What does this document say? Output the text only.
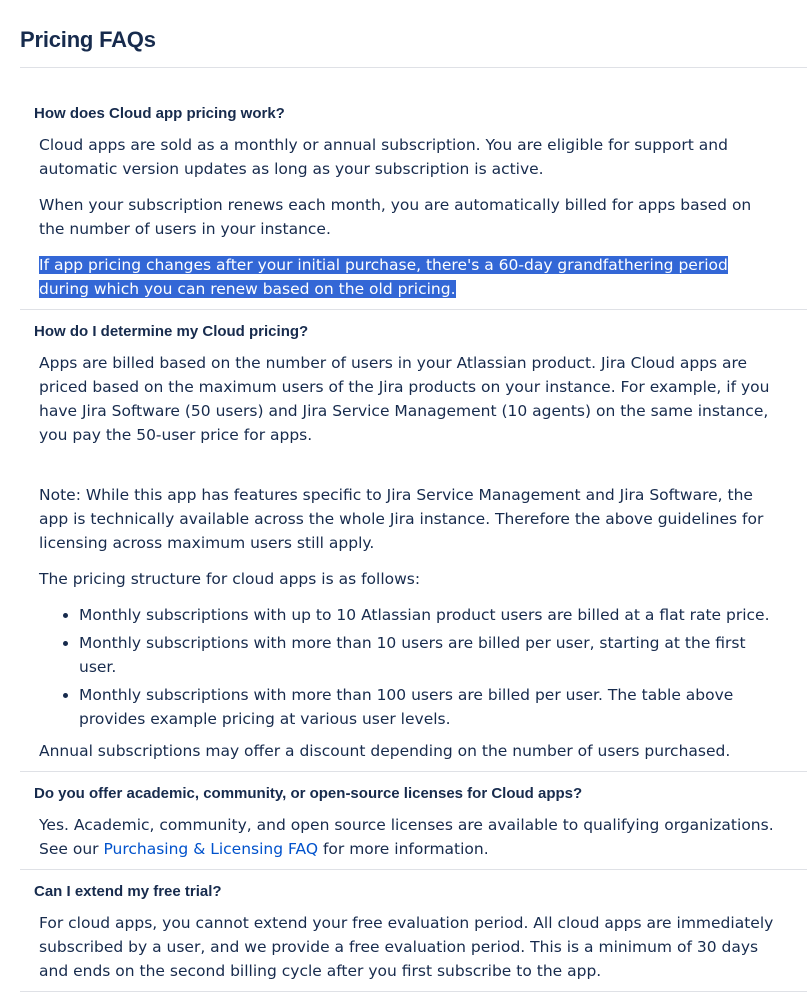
Pricing FAQs
How does Cloud app pricing work?

Cloud apps are sold as a monthly or annual subscription. You are eligible for support and automatic version updates as long as your subscription is active.

When your subscription renews each month, you are automatically billed for apps based on the number of users in your instance.

If app pricing changes after your initial purchase, there's a 60-day grandfathering period during which you can renew based on the old pricing.

How do I determine my Cloud pricing?

Apps are billed based on the number of users in your Atlassian product. Jira Cloud apps are priced based on the maximum users of the Jira products on your instance. For example, if you have Jira Software (50 users) and Jira Service Management (10 agents) on the same instance, you pay the 50-user price for apps.

Note: While this app has features specific to Jira Service Management and Jira Software, the app is technically available across the whole Jira instance. Therefore the above guidelines for licensing across maximum users still apply.

The pricing structure for cloud apps is as follows:

• Monthly subscriptions with up to 10 Atlassian product users are billed at a flat rate price.
• Monthly subscriptions with more than 10 users are billed per user, starting at the first user.
• Monthly subscriptions with more than 100 users are billed per user. The table above provides example pricing at various user levels.

Annual subscriptions may offer a discount depending on the number of users purchased.

Do you offer academic, community, or open-source licenses for Cloud apps?

Yes. Academic, community, and open source licenses are available to qualifying organizations. See our Purchasing & Licensing FAQ for more information.

Can I extend my free trial?

For cloud apps, you cannot extend your free evaluation period. All cloud apps are immediately subscribed by a user, and we provide a free evaluation period. This is a minimum of 30 days and ends on the second billing cycle after you first subscribe to the app.
